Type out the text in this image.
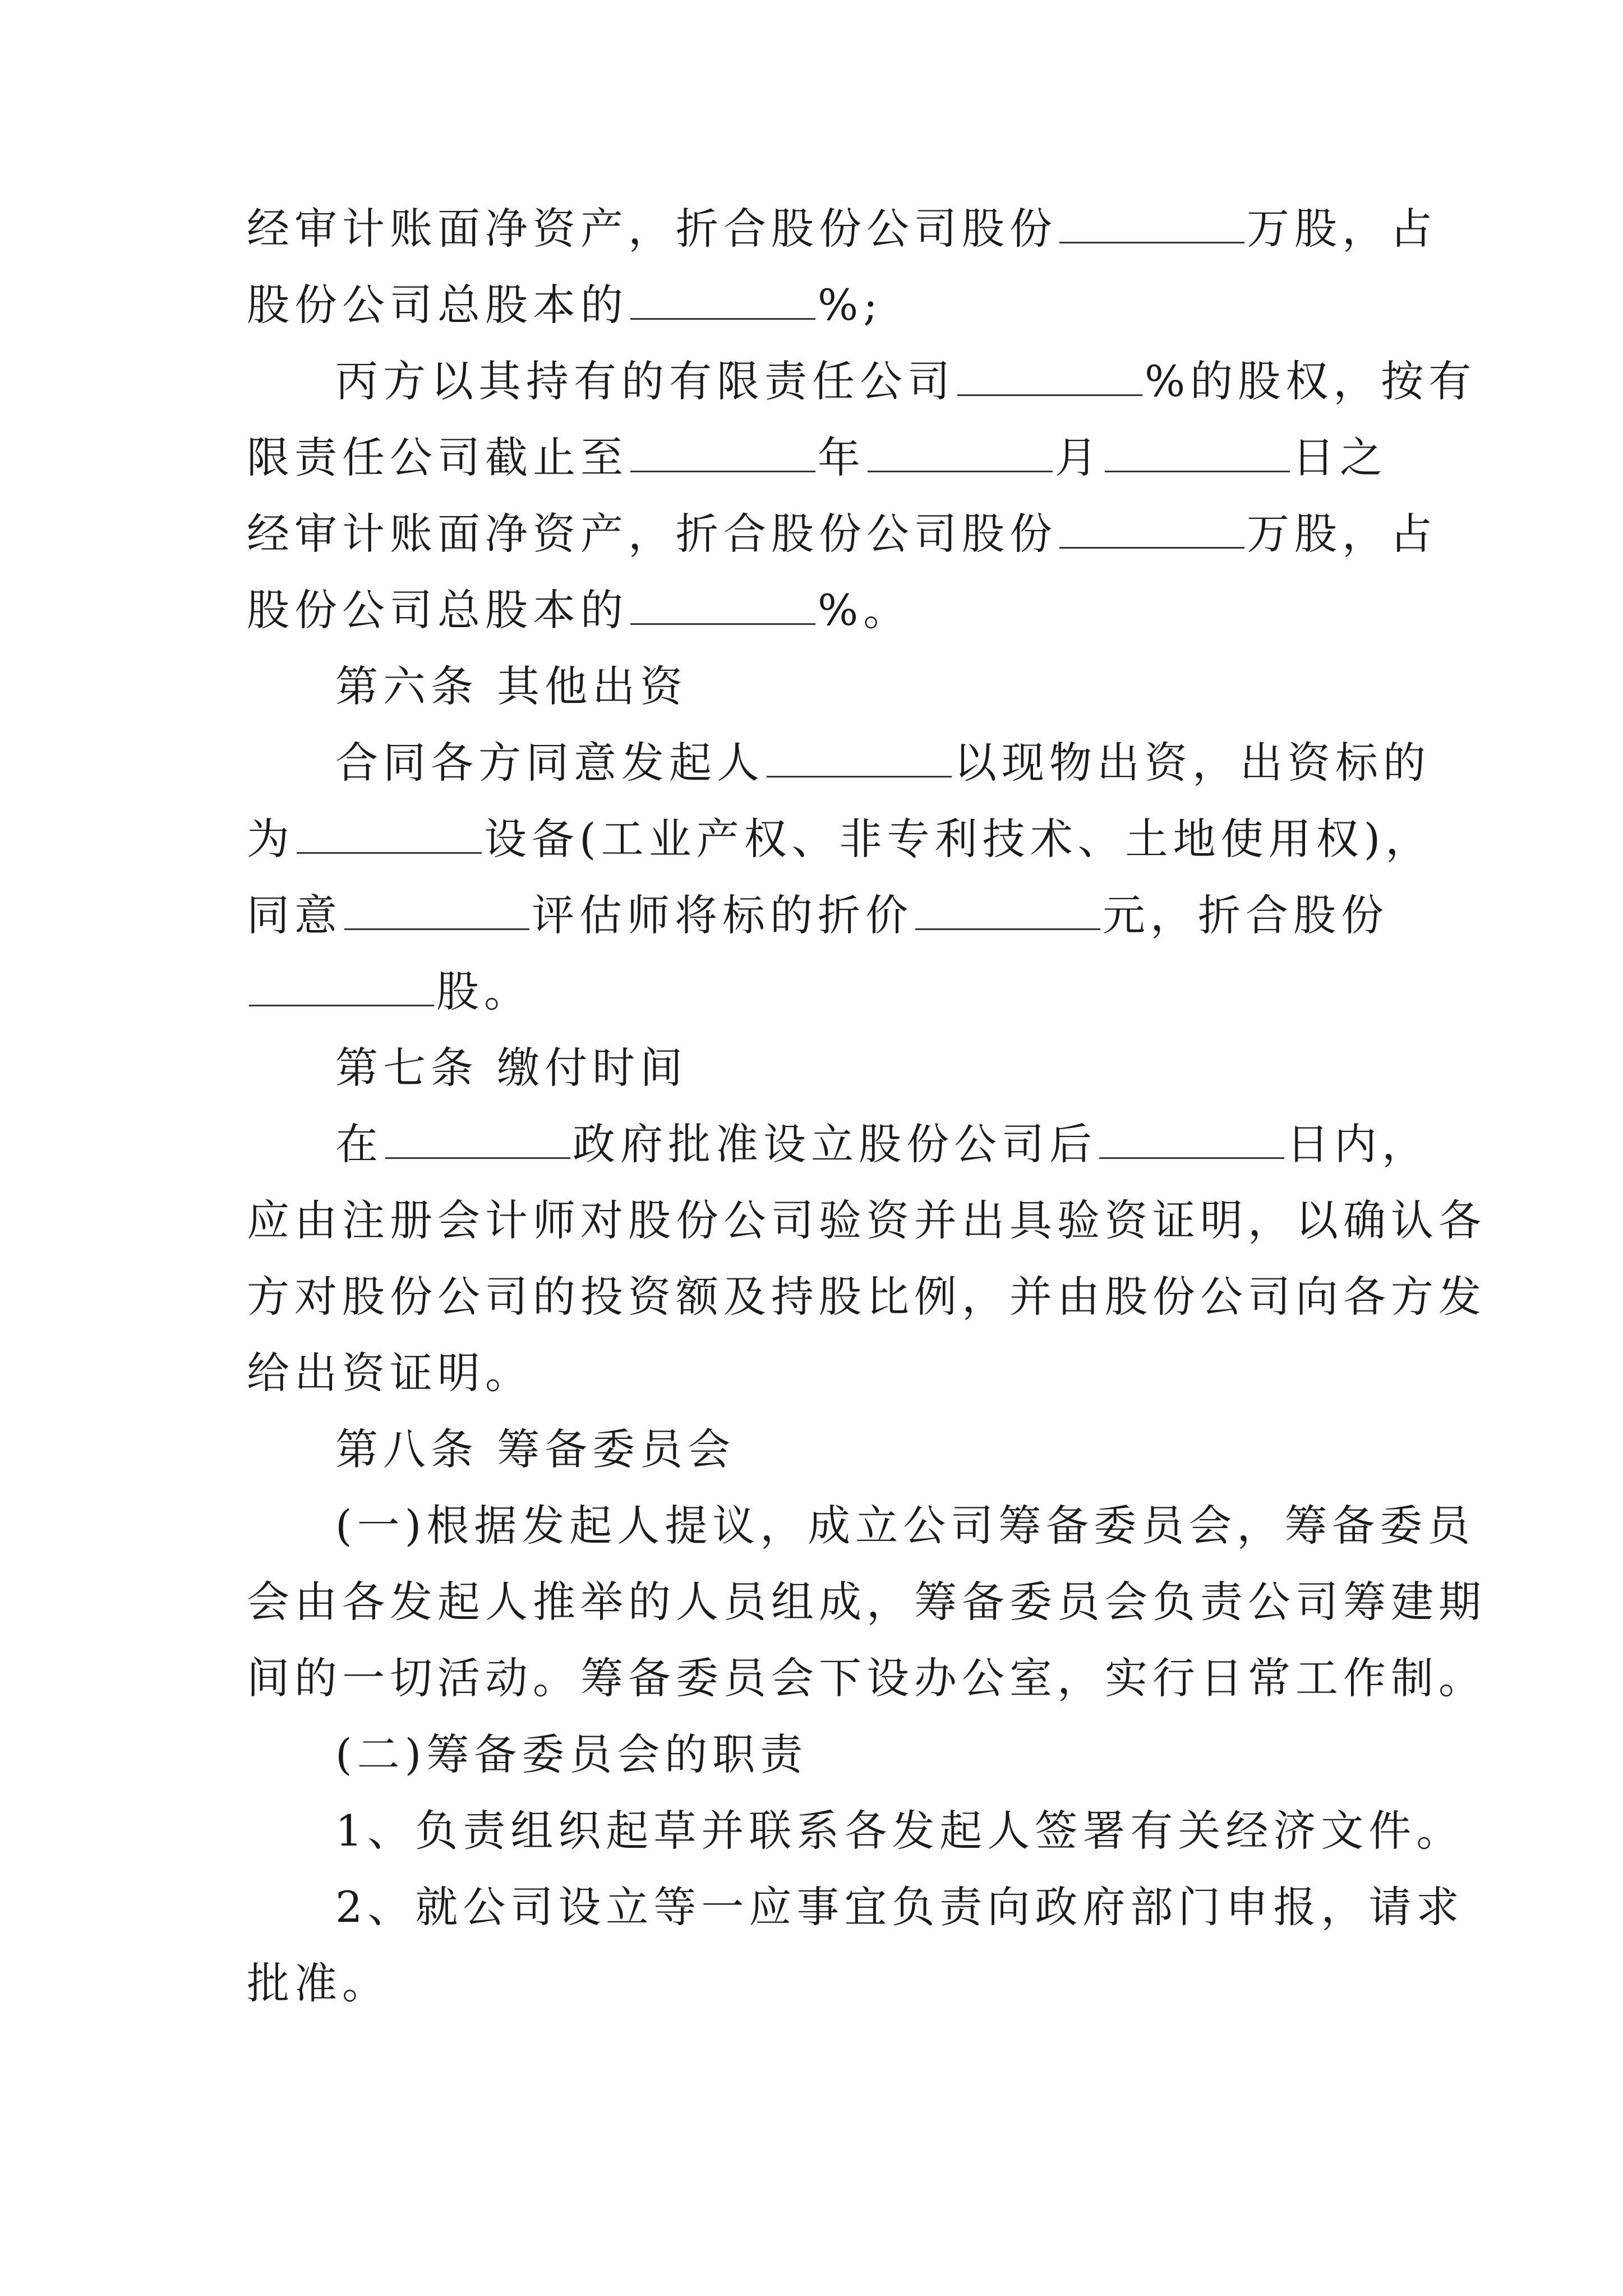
经审计账面净资产，折合股份公司股份	万股，占
股份公司总股本的	%;
丙方以其持有的有限责任公司	%的股权，按有
限责任公司截止至	年	月	日之
经审计账面净资产，折合股份公司股份	万股，占
股份公司总股本的	%。
第六条 其他出资
合同各方同意发起人	以现物出资，出资标的
为	设备(工业产权、非专利技术、土地使用权)，
同意	评估师将标的折价	元，折合股份
股。
第七条 缴付时间
在	政府批准设立股份公司后	日内，
应由注册会计师对股份公司验资并出具验资证明，以确认各
方对股份公司的投资额及持股比例，并由股份公司向各方发
给出资证明。
第八条 筹备委员会
(一)根据发起人提议，成立公司筹备委员会，筹备委员
会由各发起人推举的人员组成，筹备委员会负责公司筹建期
间的一切活动。筹备委员会下设办公室，实行日常工作制。
(二)筹备委员会的职责
1、负责组织起草并联系各发起人签署有关经济文件。
2、就公司设立等一应事宜负责向政府部门申报，请求
批准。
